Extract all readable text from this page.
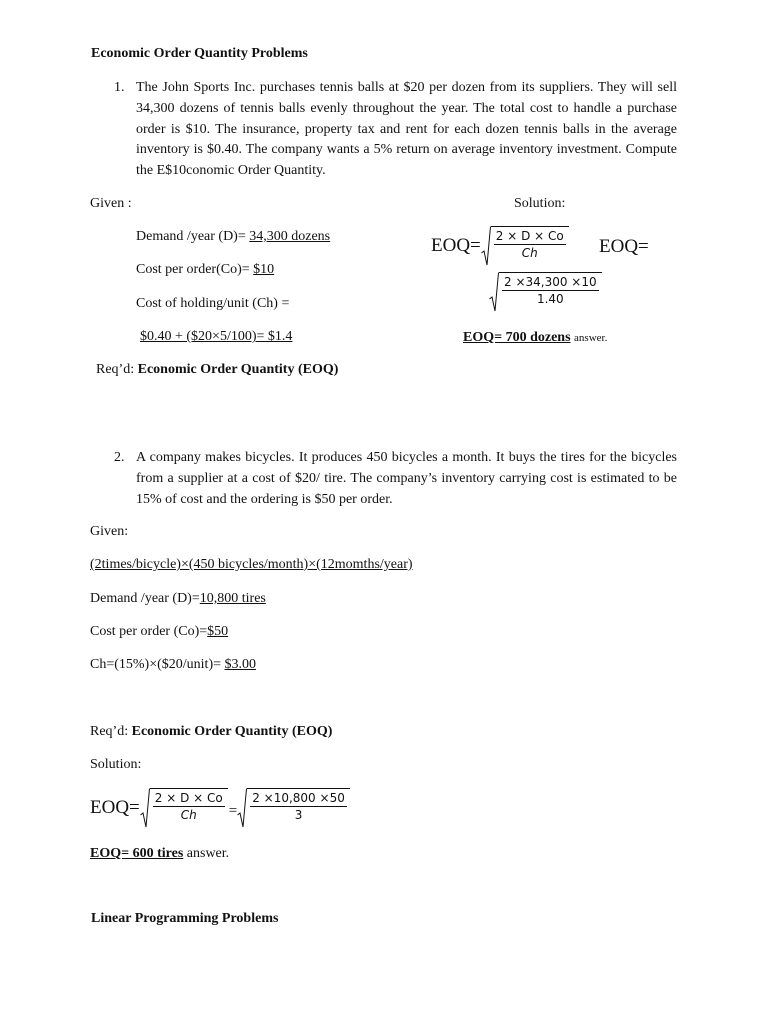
Economic Order Quantity Problems
1. The John Sports Inc. purchases tennis balls at $20 per dozen from its suppliers. They will sell 34,300 dozens of tennis balls evenly throughout the year. The total cost to handle a purchase order is $10. The insurance, property tax and rent for each dozen tennis balls in the average inventory is $0.40. The company wants a 5% return on average inventory investment. Compute the E$10conomic Order Quantity.
Given :	Solution:
Demand /year (D)= 34,300 dozens
Cost per order(Co)= $10
Cost of holding/unit (Ch) =
$0.40 + ($20×5/100)= $1.4
$EOQ= \frac{2 \times D \times Co}{Ch} EOQ=$
$\frac{2 \times 34,300 \times 10}{1.40}$
EOQ= 700 dozens answer.
Req’d: Economic Order Quantity (EOQ)
2. A company makes bicycles. It produces 450 bicycles a month. It buys the tires for the bicycles from a supplier at a cost of $20/ tire. The company’s inventory carrying cost is estimated to be 15% of cost and the ordering is $50 per order.
Given:
(2times/bicycle)×(450 bicycles/month)×(12momths/year)
Demand /year (D)=10,800 tires
Cost per order (Co)=$50
Ch=(15%)×($20/unit)= $3.00
Req’d: Economic Order Quantity (EOQ)
Solution:
$EOQ= \frac{2 \times D \times Co}{Ch} = \frac{2 \times 10,800 \times 50}{3}$
EOQ= 600 tires answer.
Linear Programming Problems
